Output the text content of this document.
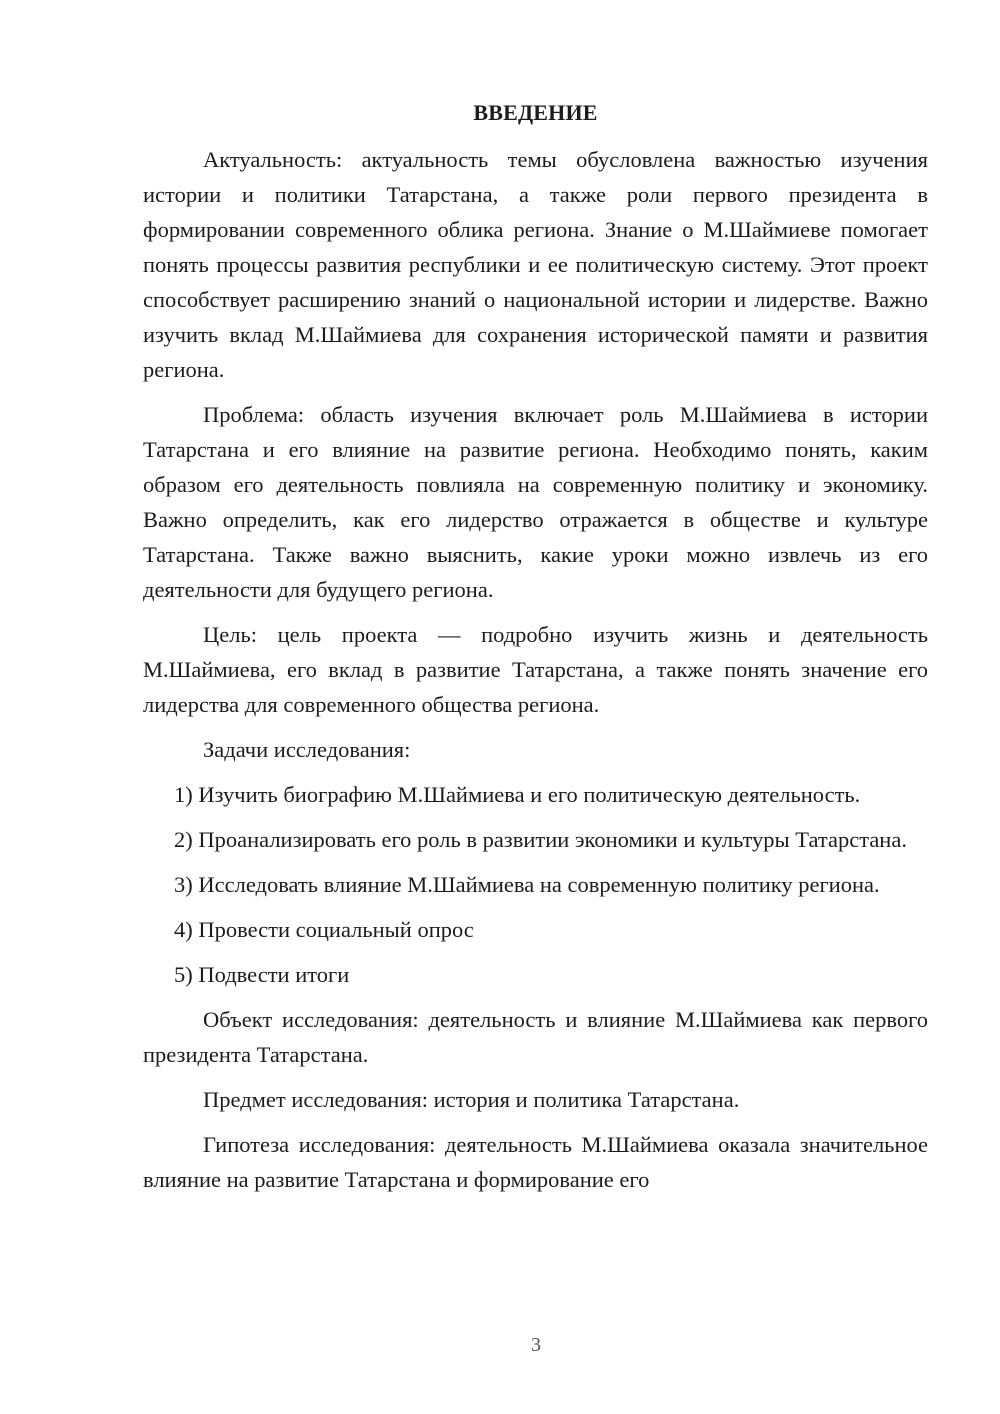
ВВЕДЕНИЕ

Актуальность: актуальность темы обусловлена важностью изучения истории и политики Татарстана, а также роли первого президента в формировании современного облика региона. Знание о М.Шаймиеве помогает понять процессы развития республики и ее политическую систему. Этот проект способствует расширению знаний о национальной истории и лидерстве. Важно изучить вклад М.Шаймиева для сохранения исторической памяти и развития региона.

Проблема: область изучения включает роль М.Шаймиева в истории Татарстана и его влияние на развитие региона. Необходимо понять, каким образом его деятельность повлияла на современную политику и экономику. Важно определить, как его лидерство отражается в обществе и культуре Татарстана. Также важно выяснить, какие уроки можно извлечь из его деятельности для будущего региона.

Цель: цель проекта — подробно изучить жизнь и деятельность М.Шаймиева, его вклад в развитие Татарстана, а также понять значение его лидерства для современного общества региона.

Задачи исследования:

1) Изучить биографию М.Шаймиева и его политическую деятельность.

2) Проанализировать его роль в развитии экономики и культуры Татарстана.

3) Исследовать влияние М.Шаймиева на современную политику региона.

4) Провести социальный опрос

5) Подвести итоги

Объект исследования: деятельность и влияние М.Шаймиева как первого президента Татарстана.

Предмет исследования: история и политика Татарстана.

Гипотеза исследования: деятельность М.Шаймиева оказала значительное влияние на развитие Татарстана и формирование его

3
